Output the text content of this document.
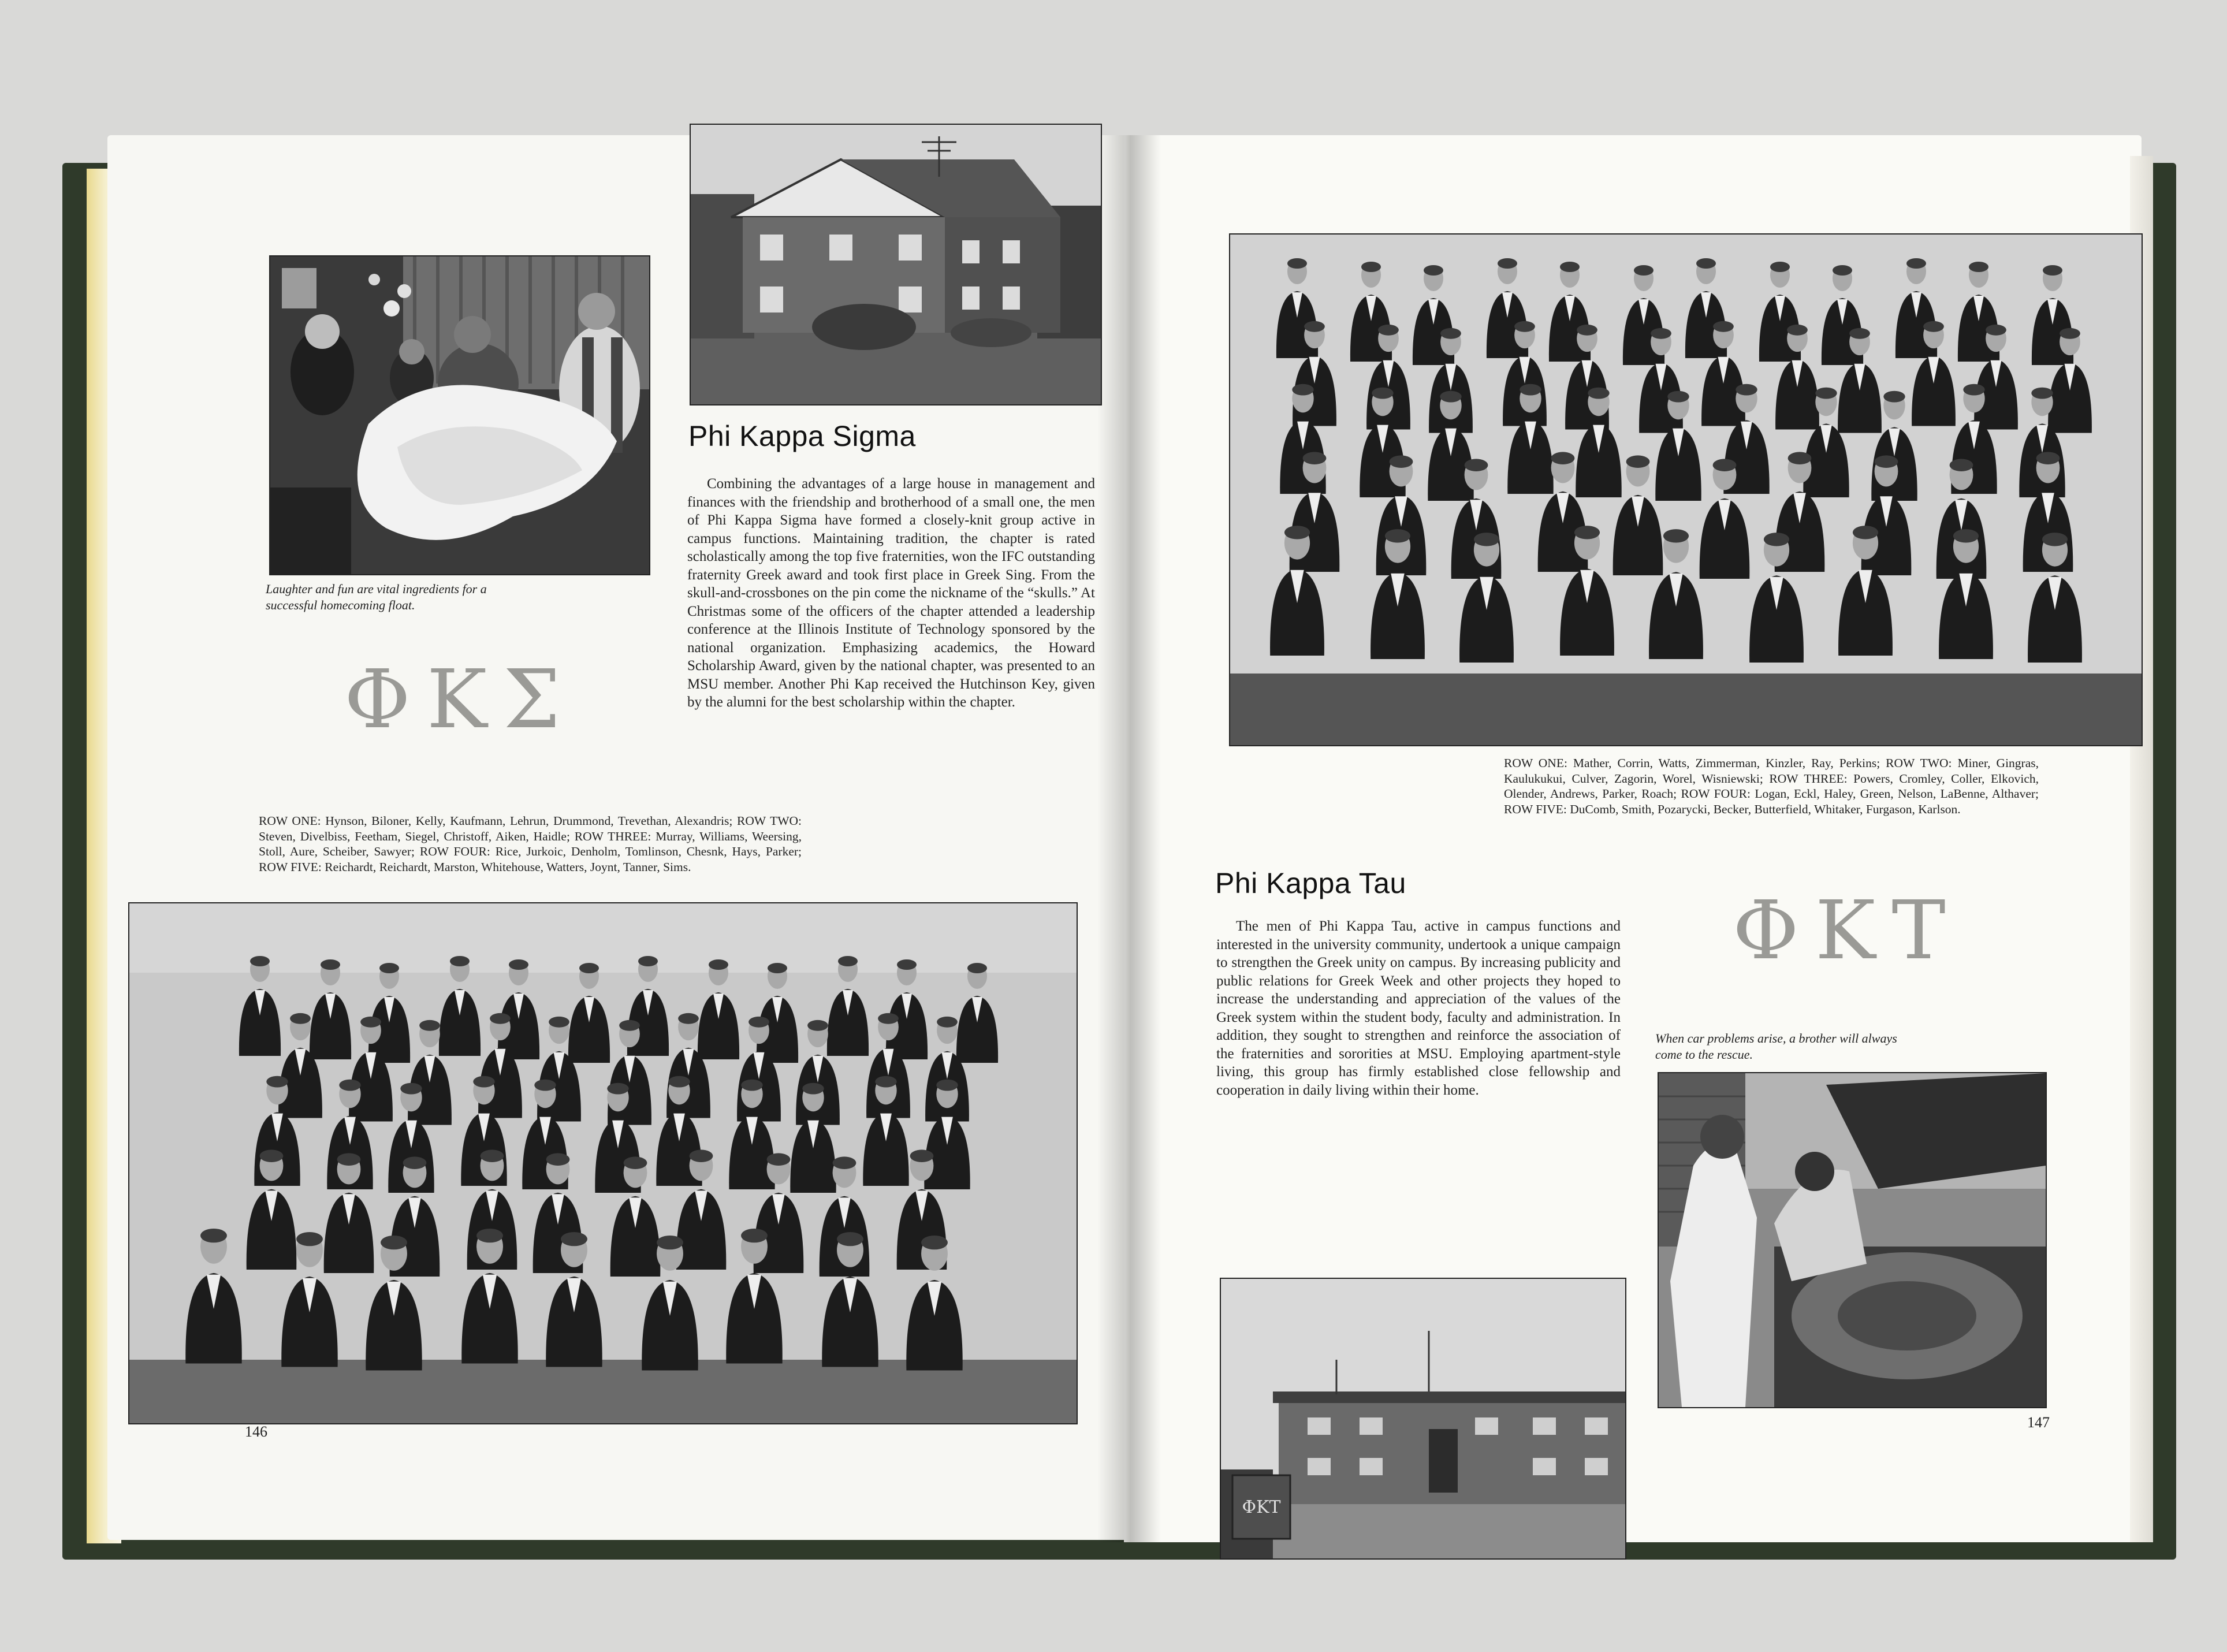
Laughter and fun are vital ingredients for a successful homecoming float.
Phi Kappa Sigma
Combining the advantages of a large house in management and finances with the friendship and brotherhood of a small one, the men of Phi Kappa Sigma have formed a closely-knit group active in campus functions. Maintaining tradition, the chapter is rated scholastically among the top five fraternities, won the IFC outstanding fraternity Greek award and took first place in Greek Sing. From the skull-and-crossbones on the pin come the nickname of the “skulls.” At Christmas some of the officers of the chapter attended a leadership conference at the Illinois Institute of Technology sponsored by the national organization. Emphasizing academics, the Howard Scholarship Award, given by the national chapter, was presented to an MSU member. Another Phi Kap received the Hutchinson Key, given by the alumni for the best scholarship within the chapter.
ΦΚΣ
ROW ONE: Hynson, Biloner, Kelly, Kaufmann, Lehrun, Drummond, Trevethan, Alexandris; ROW TWO: Steven, Divelbiss, Feetham, Siegel, Christoff, Aiken, Haidle; ROW THREE: Murray, Williams, Weersing, Stoll, Aure, Scheiber, Sawyer; ROW FOUR: Rice, Jurkoic, Denholm, Tomlinson, Chesnk, Hays, Parker; ROW FIVE: Reichardt, Reichardt, Marston, Whitehouse, Watters, Joynt, Tanner, Sims.
146
ROW ONE: Mather, Corrin, Watts, Zimmerman, Kinzler, Ray, Perkins; ROW TWO: Miner, Gingras, Kaulukukui, Culver, Zagorin, Worel, Wisniewski; ROW THREE: Powers, Cromley, Coller, Elkovich, Olender, Andrews, Parker, Roach; ROW FOUR: Logan, Eckl, Haley, Green, Nelson, LaBenne, Althaver; ROW FIVE: DuComb, Smith, Pozarycki, Becker, Butterfield, Whitaker, Furgason, Karlson.
Phi Kappa Tau
ΦΚΤ
The men of Phi Kappa Tau, active in campus functions and interested in the university community, undertook a unique campaign to strengthen the Greek unity on campus. By increasing publicity and public relations for Greek Week and other projects they hoped to increase the understanding and appreciation of the values of the Greek system within the student body, faculty and administration. In addition, they sought to strengthen and reinforce the association of the fraternities and sororities at MSU. Employing apartment-style living, this group has firmly established close fellowship and cooperation in daily living within their home.
When car problems arise, a brother will always come to the rescue.
ΦΚΤ
147
